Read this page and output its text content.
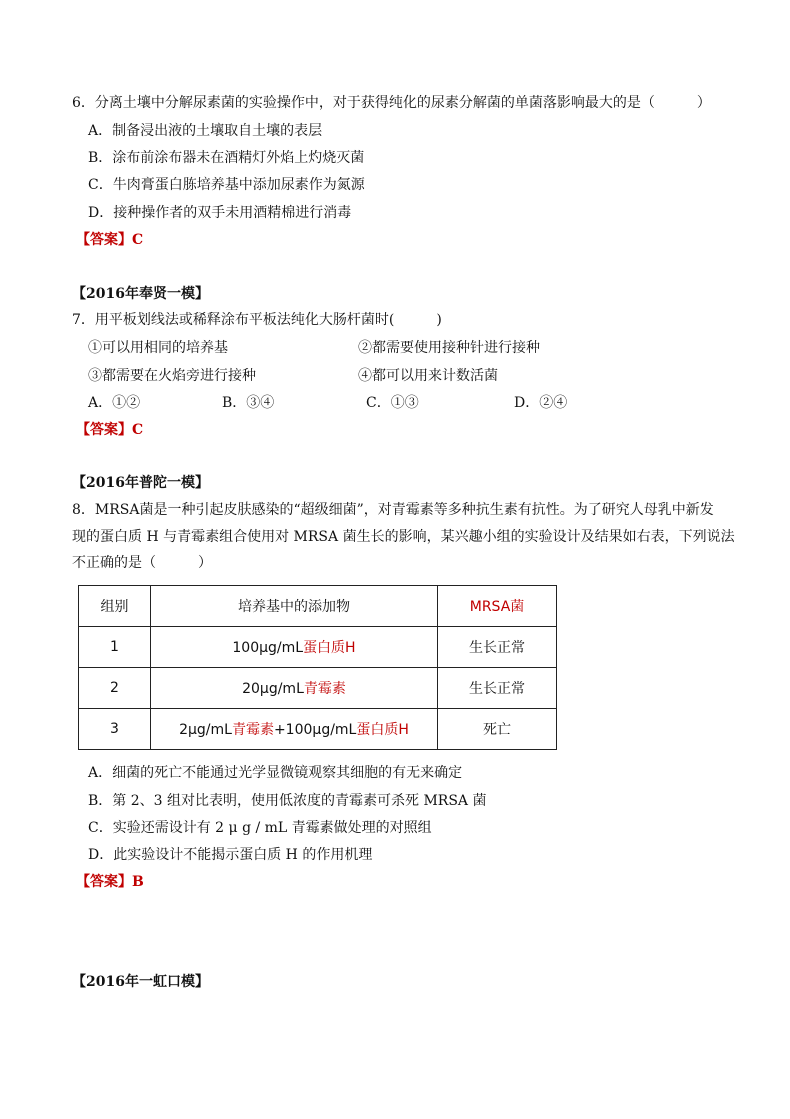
6．分离土壤中分解尿素菌的实验操作中，对于获得纯化的尿素分解菌的单菌落影响最大的是（　　　）
A．制备浸出液的土壤取自土壤的表层
B．涂布前涂布器未在酒精灯外焰上灼烧灭菌
C．牛肉膏蛋白胨培养基中添加尿素作为氮源
D．接种操作者的双手未用酒精棉进行消毒
【答案】C
【2016年奉贤一模】
7．用平板划线法或稀释涂布平板法纯化大肠杆菌时(　　　)
①可以用相同的培养基	②都需要使用接种针进行接种
③都需要在火焰旁进行接种	④都可以用来计数活菌
A．①②	B．③④	C．①③	D．②④
【答案】C
【2016年普陀一模】
8．MRSA菌是一种引起皮肤感染的“超级细菌”，对青霉素等多种抗生素有抗性。为了研究人母乳中新发
现的蛋白质 H 与青霉素组合使用对 MRSA 菌生长的影响，某兴趣小组的实验设计及结果如右表，下列说法
不正确的是（　　　）
组别	培养基中的添加物	MRSA菌
1	100μg/mL蛋白质H	生长正常
2	20μg/mL青霉素	生长正常
3	2μg/mL青霉素+100μg/mL蛋白质H	死亡
A．细菌的死亡不能通过光学显微镜观察其细胞的有无来确定
B．第 2、3 组对比表明，使用低浓度的青霉素可杀死 MRSA 菌
C．实验还需设计有 2 μ g / mL 青霉素做处理的对照组
D．此实验设计不能揭示蛋白质 H 的作用机理
【答案】B
【2016年一虹口模】
